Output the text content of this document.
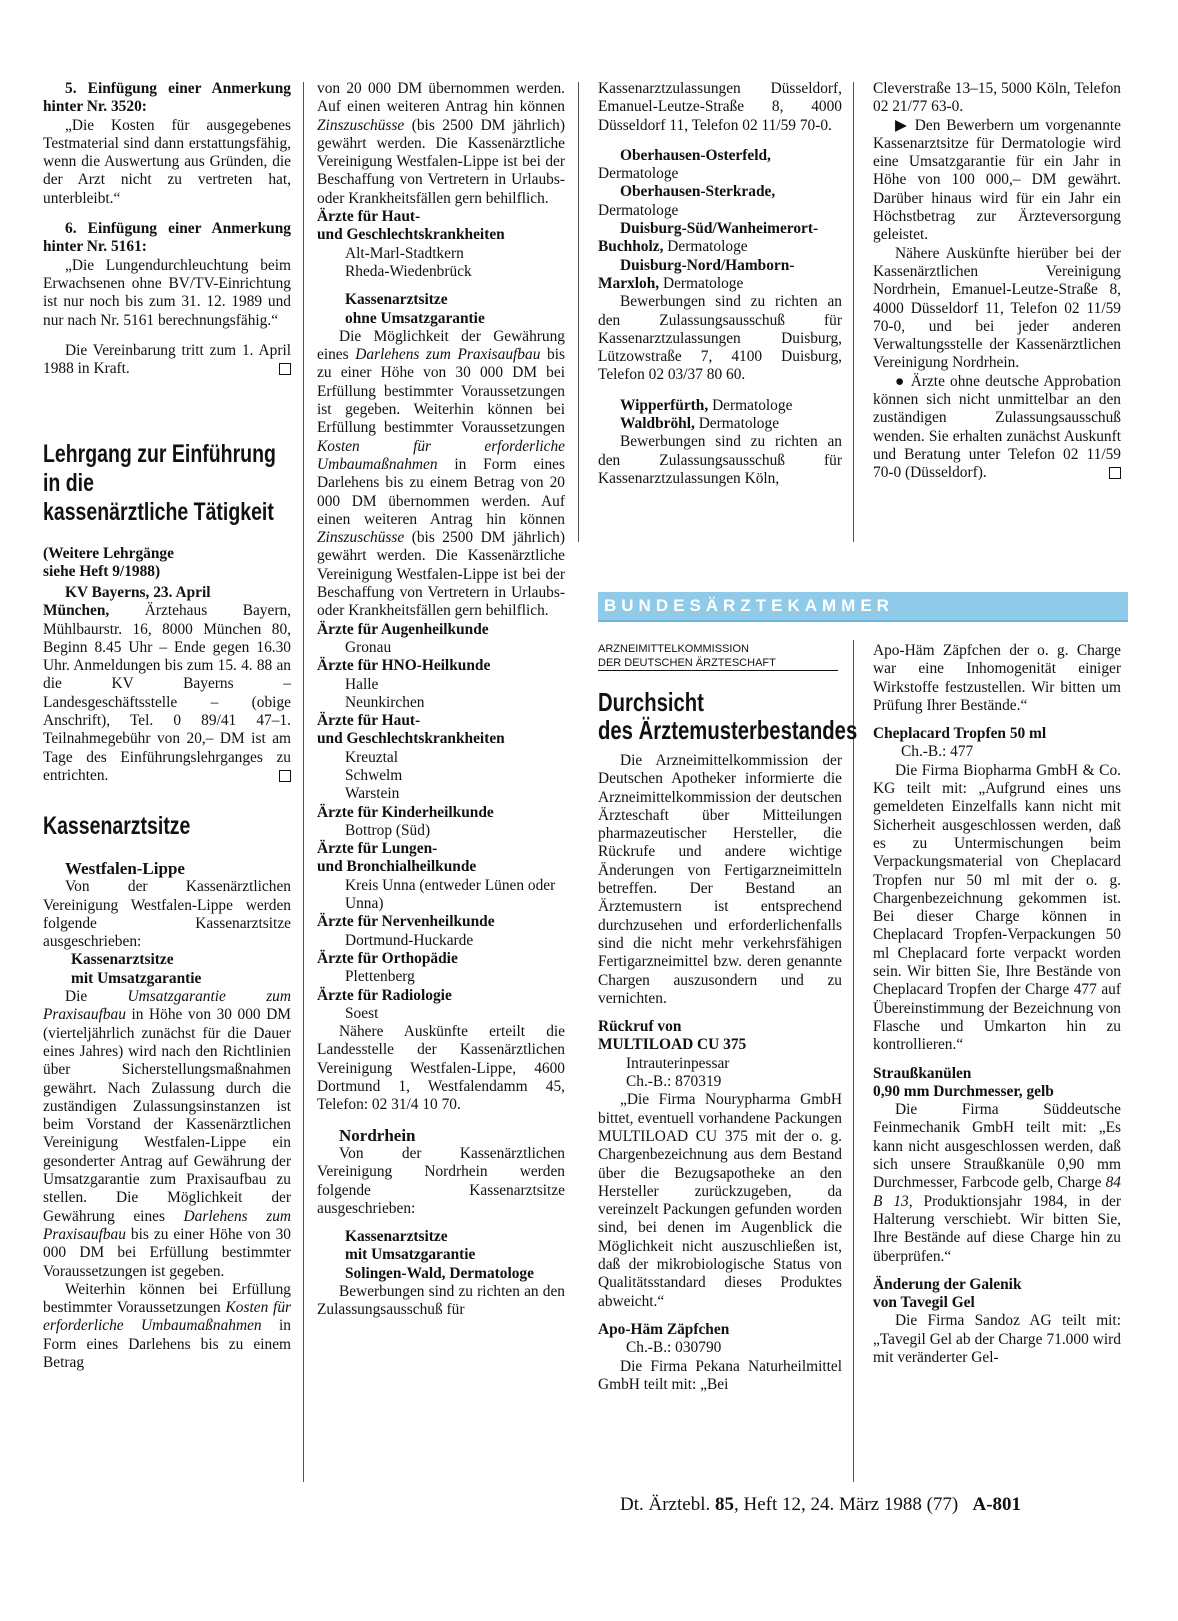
5. Einfügung einer Anmerkung hinter Nr. 3520:

„Die Kosten für ausgegebenes Testmaterial sind dann erstattungsfähig, wenn die Auswertung aus Gründen, die der Arzt nicht zu vertreten hat, unterbleibt.“

6. Einfügung einer Anmerkung hinter Nr. 5161:

„Die Lungendurchleuchtung beim Erwachsenen ohne BV/TV-Einrichtung ist nur noch bis zum 31. 12. 1989 und nur nach Nr. 5161 berechnungsfähig.“

Die Vereinbarung tritt zum 1. April 1988 in Kraft.

Lehrgang zur Einführung
in die
kassenärztliche Tätigkeit
(Weitere Lehrgänge
siehe Heft 9/1988)

KV Bayerns, 23. April

München, Ärztehaus Bayern, Mühlbaurstr. 16, 8000 München 80, Beginn 8.45 Uhr – Ende gegen 16.30 Uhr. Anmeldungen bis zum 15. 4. 88 an die KV Bayerns – Landesgeschäftsstelle – (obige Anschrift), Tel. 0 89/41 47–1. Teilnahmegebühr von 20,– DM ist am Tage des Einführungslehrganges zu entrichten.

Kassenarztsitze

Westfalen-Lippe

Von der Kassenärztlichen Vereinigung Westfalen-Lippe werden folgende Kassenarztsitze ausgeschrieben:

Kassenarztsitze
mit Umsatzgarantie

Die Umsatzgarantie zum Praxisaufbau in Höhe von 30 000 DM (vierteljährlich zunächst für die Dauer eines Jahres) wird nach den Richtlinien über Sicherstellungsmaßnahmen gewährt. Nach Zulassung durch die zuständigen Zulassungsinstanzen ist beim Vorstand der Kassenärztlichen Vereinigung Westfalen-Lippe ein gesonderter Antrag auf Gewährung der Umsatzgarantie zum Praxisaufbau zu stellen. Die Möglichkeit der Gewährung eines Darlehens zum Praxisaufbau bis zu einer Höhe von 30 000 DM bei Erfüllung bestimmter Voraussetzungen ist gegeben.

Weiterhin können bei Erfüllung bestimmter Voraussetzungen Kosten für erforderliche Umbaumaßnahmen in Form eines Darlehens bis zu einem Betrag

von 20 000 DM übernommen werden. Auf einen weiteren Antrag hin können Zinszuschüsse (bis 2500 DM jährlich) gewährt werden. Die Kassenärztliche Vereinigung Westfalen-Lippe ist bei der Beschaffung von Vertretern in Urlaubs- oder Krankheitsfällen gern behilflich.

Ärzte für Haut-
und Geschlechtskrankheiten
Alt-Marl-Stadtkern
Rheda-Wiedenbrück
Kassenarztsitze
ohne Umsatzgarantie

Die Möglichkeit der Gewährung eines Darlehens zum Praxisaufbau bis zu einer Höhe von 30 000 DM bei Erfüllung bestimmter Voraussetzungen ist gegeben. Weiterhin können bei Erfüllung bestimmter Voraussetzungen Kosten für erforderliche Umbaumaßnahmen in Form eines Darlehens bis zu einem Betrag von 20 000 DM übernommen werden. Auf einen weiteren Antrag hin können Zinszuschüsse (bis 2500 DM jährlich) gewährt werden. Die Kassenärztliche Vereinigung Westfalen-Lippe ist bei der Beschaffung von Vertretern in Urlaubs- oder Krankheitsfällen gern behilflich.

Ärzte für Augenheilkunde
Gronau
Ärzte für HNO-Heilkunde
Halle
Neunkirchen
Ärzte für Haut-
und Geschlechtskrankheiten
Kreuztal
Schwelm
Warstein
Ärzte für Kinderheilkunde
Bottrop (Süd)
Ärzte für Lungen-
und Bronchialheilkunde
Kreis Unna (entweder Lünen oder Unna)
Ärzte für Nervenheilkunde
Dortmund-Huckarde
Ärzte für Orthopädie
Plettenberg
Ärzte für Radiologie
Soest

Nähere Auskünfte erteilt die Landesstelle der Kassenärztlichen Vereinigung Westfalen-Lippe, 4600 Dortmund 1, Westfalendamm 45, Telefon: 02 31/4 10 70.

Nordrhein

Von der Kassenärztlichen Vereinigung Nordrhein werden folgende Kassenarztsitze ausgeschrieben:

Kassenarztsitze
mit Umsatzgarantie
Solingen-Wald, Dermatologe

Bewerbungen sind zu richten an den Zulassungsausschuß für

Kassenarztzulassungen Düsseldorf, Emanuel-Leutze-Straße 8, 4000 Düsseldorf 11, Telefon 02 11/59 70-0.

Oberhausen-Osterfeld, Dermatologe

Oberhausen-Sterkrade, Dermatologe

Duisburg-Süd/Wanheimerort-Buchholz, Dermatologe

Duisburg-Nord/Hamborn-Marxloh, Dermatologe

Bewerbungen sind zu richten an den Zulassungsausschuß für Kassenarztzulassungen Duisburg, Lützowstraße 7, 4100 Duisburg, Telefon 02 03/37 80 60.

Wipperfürth, Dermatologe

Waldbröhl, Dermatologe

Bewerbungen sind zu richten an den Zulassungsausschuß für Kassenarztzulassungen Köln,

Cleverstraße 13–15, 5000 Köln, Telefon 02 21/77 63-0.

▶ Den Bewerbern um vorgenannte Kassenarztsitze für Dermatologie wird eine Umsatzgarantie für ein Jahr in Höhe von 100 000,– DM gewährt. Darüber hinaus wird für ein Jahr ein Höchstbetrag zur Ärzteversorgung geleistet.

Nähere Auskünfte hierüber bei der Kassenärztlichen Vereinigung Nordrhein, Emanuel-Leutze-Straße 8, 4000 Düsseldorf 11, Telefon 02 11/59 70-0, und bei jeder anderen Verwaltungsstelle der Kassenärztlichen Vereinigung Nordrhein.

● Ärzte ohne deutsche Approbation können sich nicht unmittelbar an den zuständigen Zulassungsausschuß wenden. Sie erhalten zunächst Auskunft und Beratung unter Telefon 02 11/59 70-0 (Düsseldorf).

BUNDESÄRZTEKAMMER
ARZNEIMITTELKOMMISSION
DER DEUTSCHEN ÄRZTESCHAFT
Durchsicht
des Ärztemusterbestandes

Die Arzneimittelkommission der Deutschen Apotheker informierte die Arzneimittelkommission der deutschen Ärzteschaft über Mitteilungen pharmazeutischer Hersteller, die Rückrufe und andere wichtige Änderungen von Fertigarzneimitteln betreffen. Der Bestand an Ärztemustern ist entsprechend durchzusehen und erforderlichenfalls sind die nicht mehr verkehrsfähigen Fertigarzneimittel bzw. deren genannte Chargen auszusondern und zu vernichten.

Rückruf von
MULTILOAD CU 375
Intrauterinpessar
Ch.-B.: 870319

„Die Firma Nourypharma GmbH bittet, eventuell vorhandene Packungen MULTILOAD CU 375 mit der o. g. Chargenbezeichnung aus dem Bestand über die Bezugsapotheke an den Hersteller zurückzugeben, da vereinzelt Packungen gefunden worden sind, bei denen im Augenblick die Möglichkeit nicht auszuschließen ist, daß der mikrobiologische Status von Qualitätsstandard dieses Produktes abweicht.“

Apo-Häm Zäpfchen
Ch.-B.: 030790

Die Firma Pekana Naturheilmittel GmbH teilt mit: „Bei

Apo-Häm Zäpfchen der o. g. Charge war eine Inhomogenität einiger Wirkstoffe festzustellen. Wir bitten um Prüfung Ihrer Bestände.“

Cheplacard Tropfen 50 ml
Ch.-B.: 477

Die Firma Biopharma GmbH & Co. KG teilt mit: „Aufgrund eines uns gemeldeten Einzelfalls kann nicht mit Sicherheit ausgeschlossen werden, daß es zu Untermischungen beim Verpackungsmaterial von Cheplacard Tropfen nur 50 ml mit der o. g. Chargenbezeichnung gekommen ist. Bei dieser Charge können in Cheplacard Tropfen-Verpackungen 50 ml Cheplacard forte verpackt worden sein. Wir bitten Sie, Ihre Bestände von Cheplacard Tropfen der Charge 477 auf Übereinstimmung der Bezeichnung von Flasche und Umkarton hin zu kontrollieren.“

Straußkanülen
0,90 mm Durchmesser, gelb

Die Firma Süddeutsche Feinmechanik GmbH teilt mit: „Es kann nicht ausgeschlossen werden, daß sich unsere Straußkanüle 0,90 mm Durchmesser, Farbcode gelb, Charge 84 B 13, Produktionsjahr 1984, in der Halterung verschiebt. Wir bitten Sie, Ihre Bestände auf diese Charge hin zu überprüfen.“

Änderung der Galenik
von Tavegil Gel

Die Firma Sandoz AG teilt mit: „Tavegil Gel ab der Charge 71.000 wird mit veränderter Gel-

Dt. Ärztebl. 85, Heft 12, 24. März 1988 (77) A-801
